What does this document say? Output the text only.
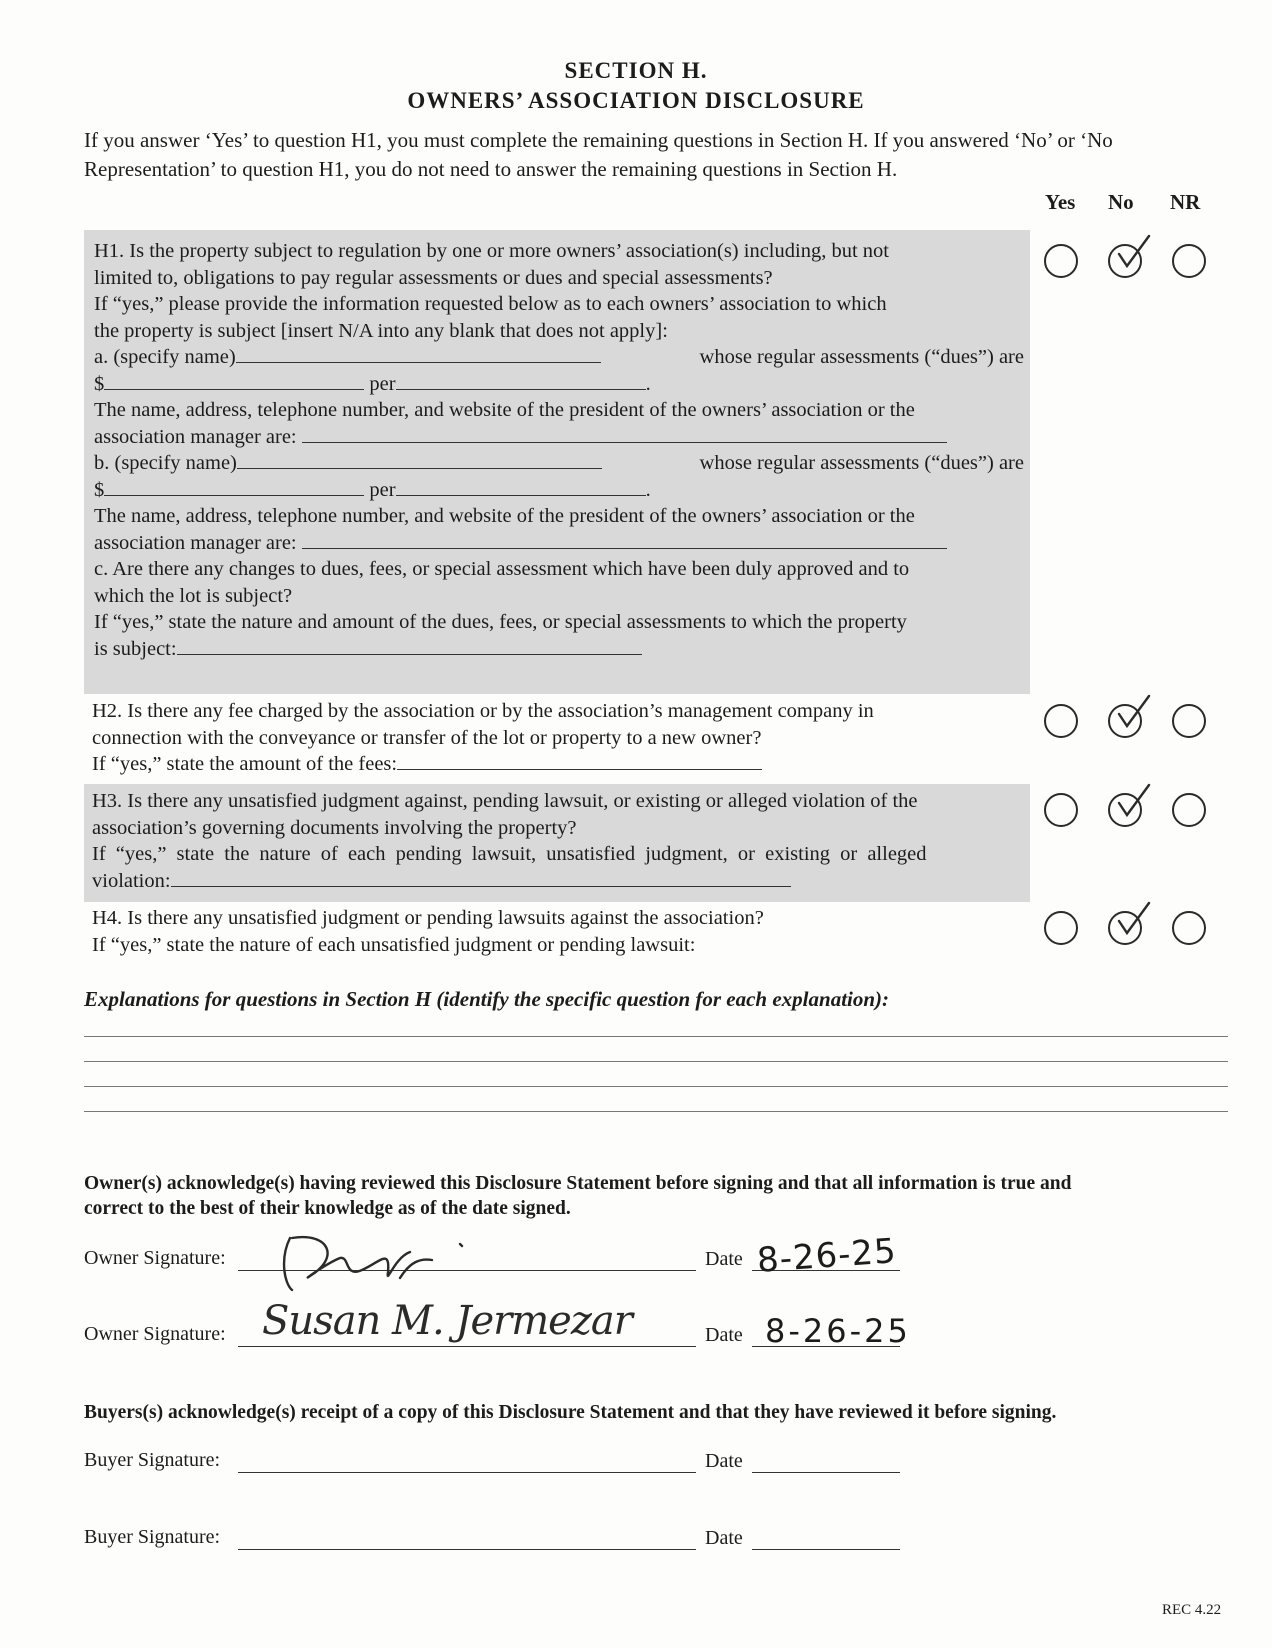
SECTION H.
OWNERS’ ASSOCIATION DISCLOSURE
If you answer ‘Yes’ to question H1, you must complete the remaining questions in Section H. If you answered ‘No’ or ‘No
Representation’ to question H1, you do not need to answer the remaining questions in Section H.
Yes No NR
H1. Is the property subject to regulation by one or more owners’ association(s) including, but not
limited to, obligations to pay regular assessments or dues and special assessments?
If “yes,” please provide the information requested below as to each owners’ association to which
the property is subject [insert N/A into any blank that does not apply]:
a. (specify name)	whose regular assessments (“dues”) are
$	per	.
The name, address, telephone number, and website of the president of the owners’ association or the
association manager are:
b. (specify name)	whose regular assessments (“dues”) are
$	per	.
The name, address, telephone number, and website of the president of the owners’ association or the
association manager are:
c. Are there any changes to dues, fees, or special assessment which have been duly approved and to
which the lot is subject?
If “yes,” state the nature and amount of the dues, fees, or special assessments to which the property
is subject:
H2. Is there any fee charged by the association or by the association’s management company in
connection with the conveyance or transfer of the lot or property to a new owner?
If “yes,” state the amount of the fees:
H3. Is there any unsatisfied judgment against, pending lawsuit, or existing or alleged violation of the
association’s governing documents involving the property?
If “yes,” state the nature of each pending lawsuit, unsatisfied judgment, or existing or alleged
violation:
H4. Is there any unsatisfied judgment or pending lawsuits against the association?
If “yes,” state the nature of each unsatisfied judgment or pending lawsuit:
Explanations for questions in Section H (identify the specific question for each explanation):
Owner(s) acknowledge(s) having reviewed this Disclosure Statement before signing and that all information is true and
correct to the best of their knowledge as of the date signed.
Owner Signature:	Date 8-26-25
Owner Signature: Susan M. Jermezar	Date 8-26-25
Buyers(s) acknowledge(s) receipt of a copy of this Disclosure Statement and that they have reviewed it before signing.
Buyer Signature:	Date
Buyer Signature:	Date
REC 4.22
